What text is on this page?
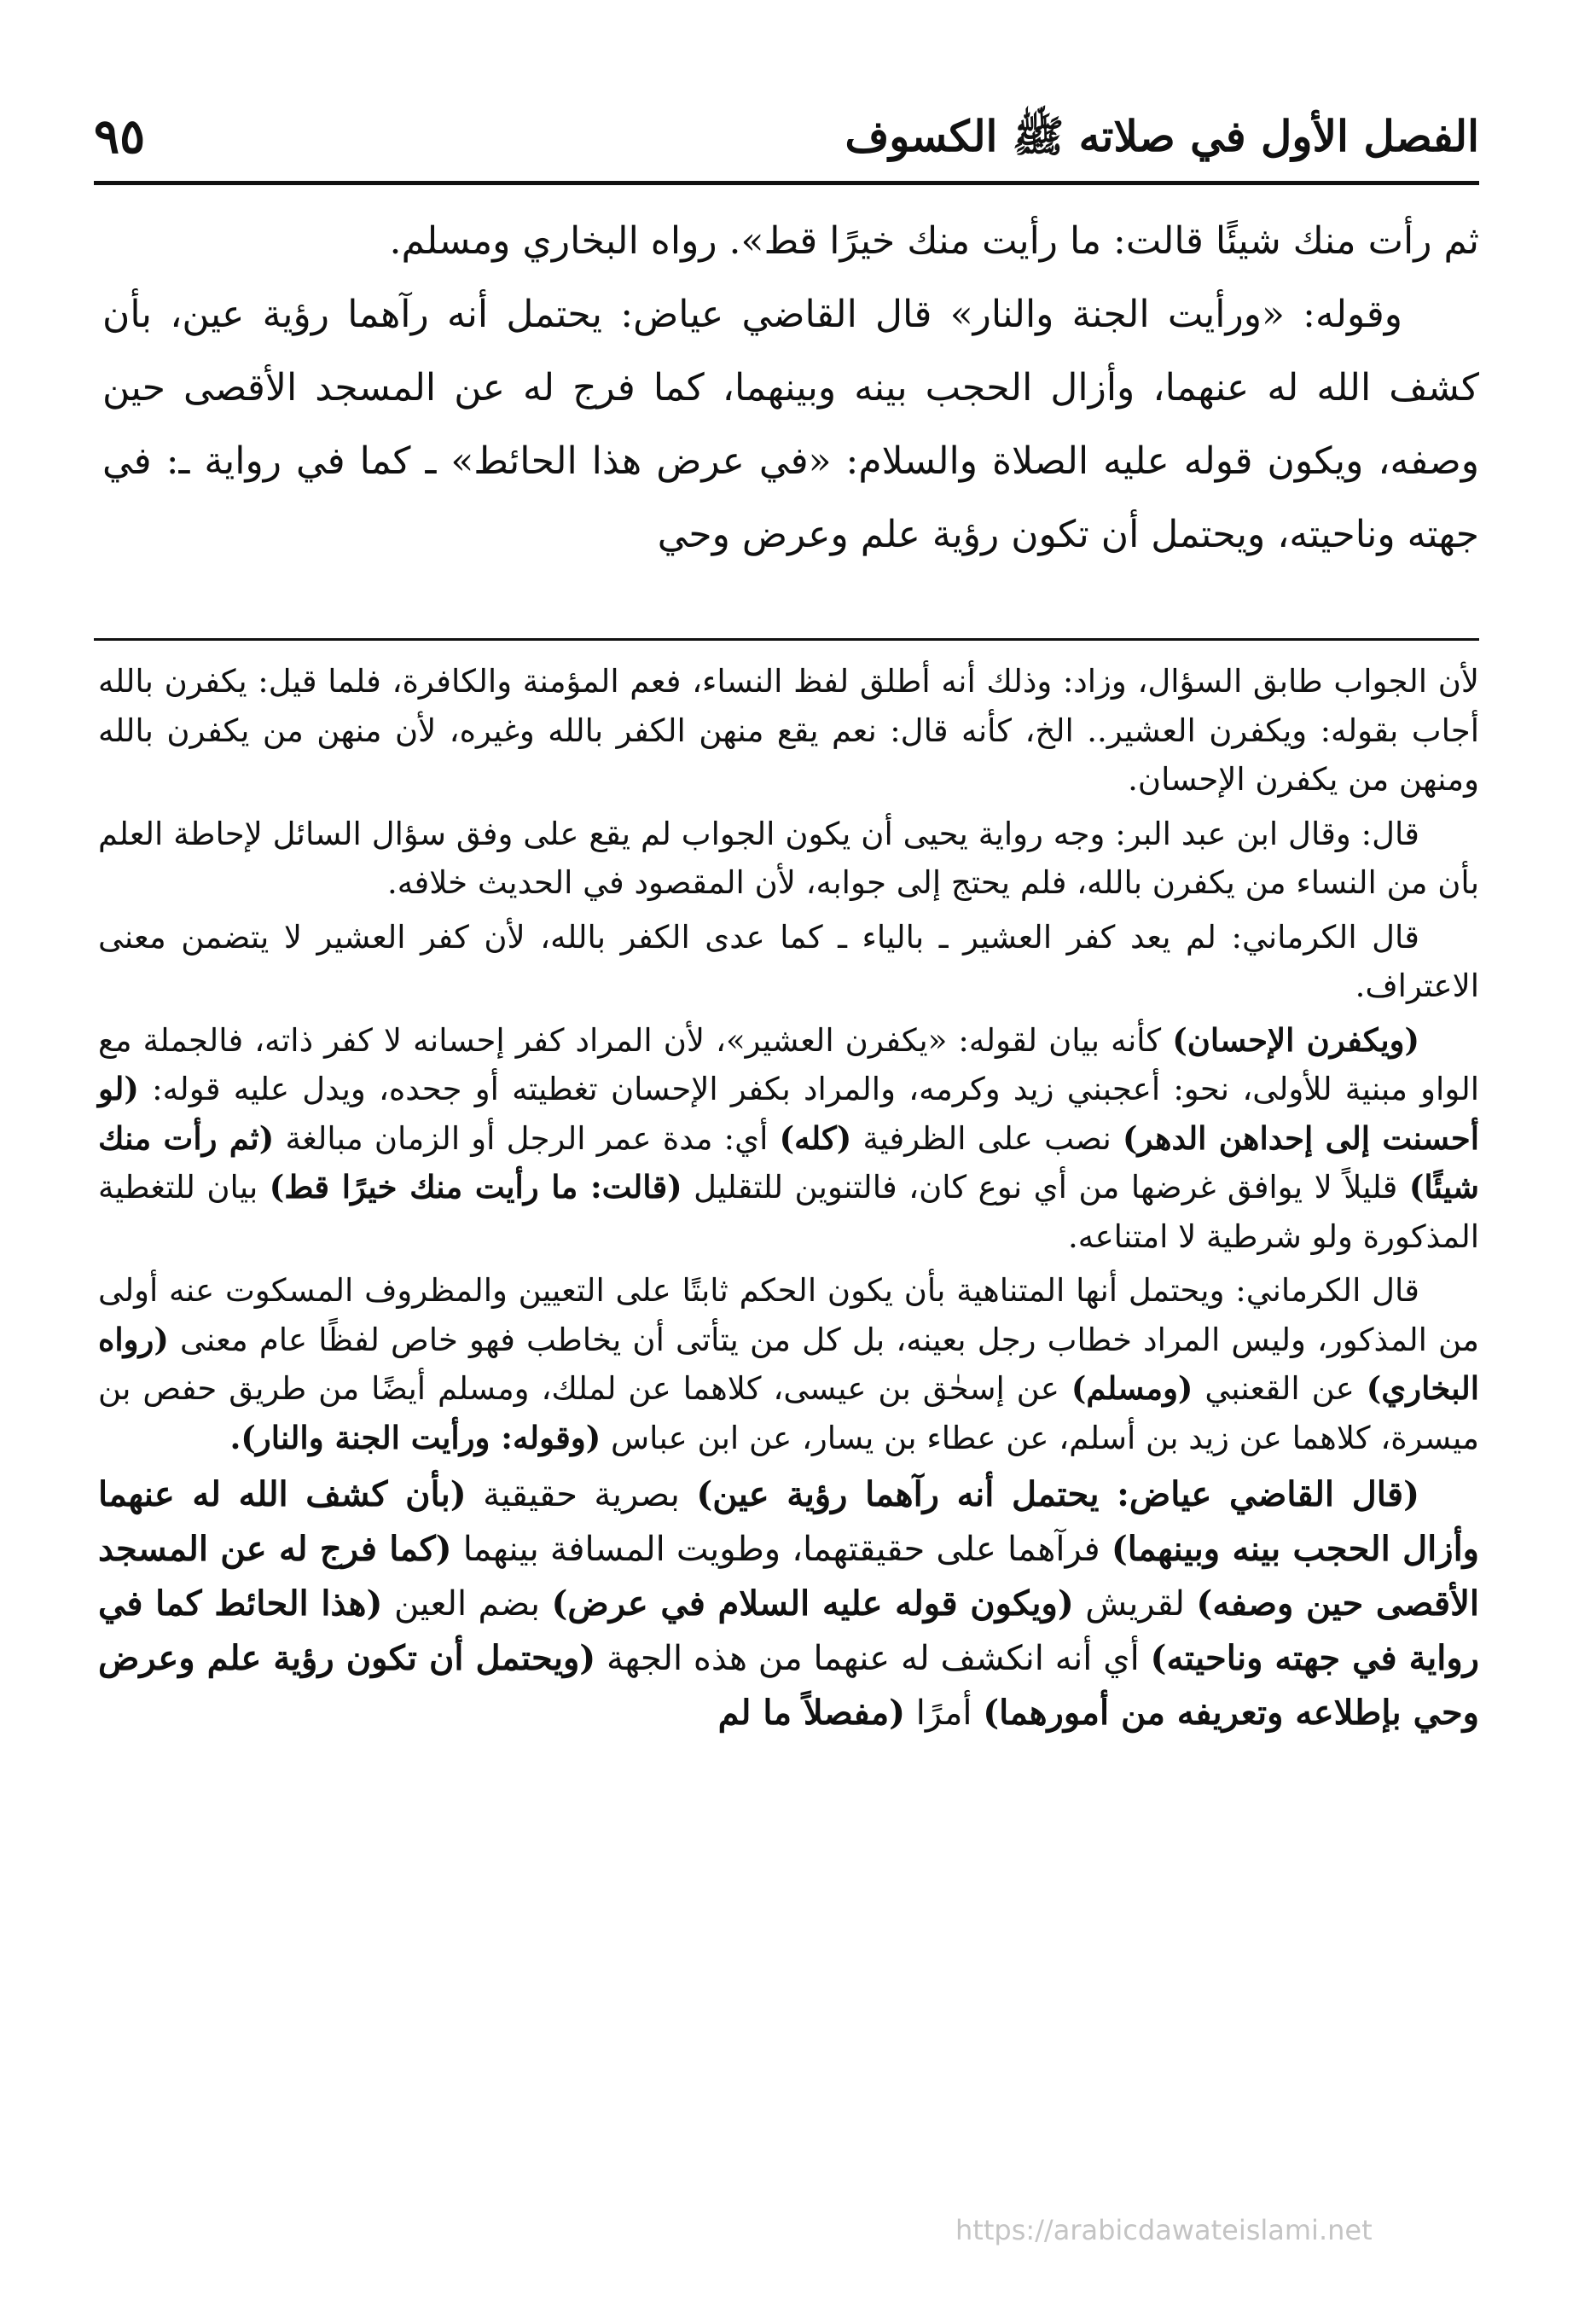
الفصل الأول في صلاته ﷺ الكسوف
٩٥

ثم رأت منك شيئًا قالت: ما رأيت منك خيرًا قط». رواه البخاري ومسلم.

وقوله: «ورأيت الجنة والنار» قال القاضي عياض: يحتمل أنه رآهما رؤية عين، بأن كشف الله له عنهما، وأزال الحجب بينه وبينهما، كما فرج له عن المسجد الأقصى حين وصفه، ويكون قوله عليه الصلاة والسلام: «في عرض هذا الحائط» ـ كما في رواية ـ: في جهته وناحيته، ويحتمل أن تكون رؤية علم وعرض وحي

لأن الجواب طابق السؤال، وزاد: وذلك أنه أطلق لفظ النساء، فعم المؤمنة والكافرة، فلما قيل: يكفرن بالله أجاب بقوله: ويكفرن العشير.. الخ، كأنه قال: نعم يقع منهن الكفر بالله وغيره، لأن منهن من يكفرن بالله ومنهن من يكفرن الإحسان.

قال: وقال ابن عبد البر: وجه رواية يحيى أن يكون الجواب لم يقع على وفق سؤال السائل لإحاطة العلم بأن من النساء من يكفرن بالله، فلم يحتج إلى جوابه، لأن المقصود في الحديث خلافه.

قال الكرماني: لم يعد كفر العشير ـ بالياء ـ كما عدى الكفر بالله، لأن كفر العشير لا يتضمن معنى الاعتراف.

(ويكفرن الإحسان) كأنه بيان لقوله: «يكفرن العشير»، لأن المراد كفر إحسانه لا كفر ذاته، فالجملة مع الواو مبنية للأولى، نحو: أعجبني زيد وكرمه، والمراد بكفر الإحسان تغطيته أو جحده، ويدل عليه قوله: (لو أحسنت إلى إحداهن الدهر) نصب على الظرفية (كله) أي: مدة عمر الرجل أو الزمان مبالغة (ثم رأت منك شيئًا) قليلاً لا يوافق غرضها من أي نوع كان، فالتنوين للتقليل (قالت: ما رأيت منك خيرًا قط) بيان للتغطية المذكورة ولو شرطية لا امتناعه.

قال الكرماني: ويحتمل أنها المتناهية بأن يكون الحكم ثابتًا على التعيين والمظروف المسكوت عنه أولى من المذكور، وليس المراد خطاب رجل بعينه، بل كل من يتأتى أن يخاطب فهو خاص لفظًا عام معنى (رواه البخاري) عن القعنبي (ومسلم) عن إسحٰق بن عيسى، كلاهما عن لملك، ومسلم أيضًا من طريق حفص بن ميسرة، كلاهما عن زيد بن أسلم، عن عطاء بن يسار، عن ابن عباس (وقوله: ورأيت الجنة والنار).

(قال القاضي عياض: يحتمل أنه رآهما رؤية عين) بصرية حقيقية (بأن كشف الله له عنهما وأزال الحجب بينه وبينهما) فرآهما على حقيقتهما، وطويت المسافة بينهما (كما فرج له عن المسجد الأقصى حين وصفه) لقريش (ويكون قوله عليه السلام في عرض) بضم العين (هذا الحائط كما في رواية في جهته وناحيته) أي أنه انكشف له عنهما من هذه الجهة (ويحتمل أن تكون رؤية علم وعرض وحي بإطلاعه وتعريفه من أمورهما) أمرًا (مفصلاً ما لم

https://arabicdawateislami.net
